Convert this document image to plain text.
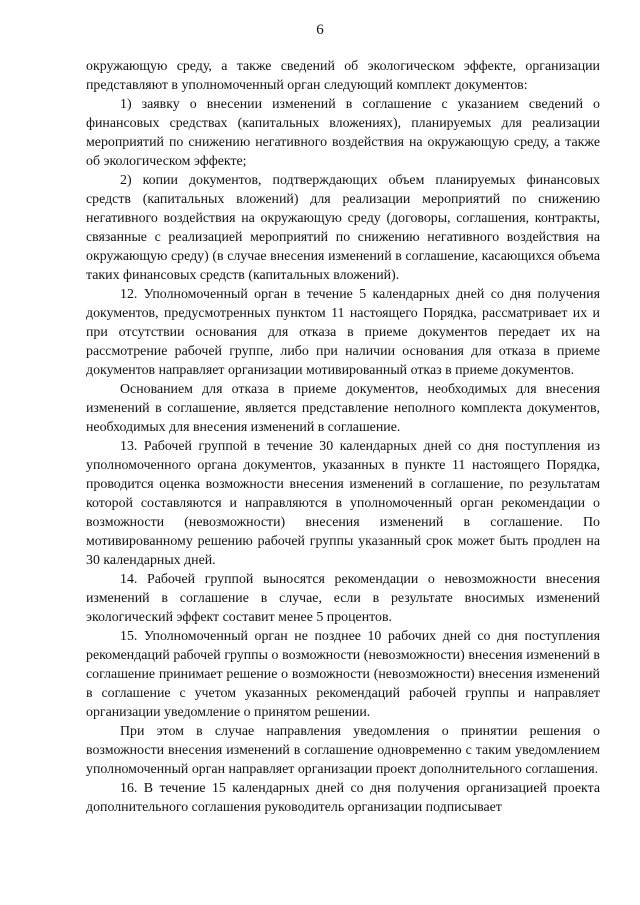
6

окружающую среду, а также сведений об экологическом эффекте, организации представляют в уполномоченный орган следующий комплект документов:

1) заявку о внесении изменений в соглашение с указанием сведений о финансовых средствах (капитальных вложениях), планируемых для реализации мероприятий по снижению негативного воздействия на окружающую среду, а также об экологическом эффекте;

2) копии документов, подтверждающих объем планируемых финансовых средств (капитальных вложений) для реализации мероприятий по снижению негативного воздействия на окружающую среду (договоры, соглашения, контракты, связанные с реализацией мероприятий по снижению негативного воздействия на окружающую среду) (в случае внесения изменений в соглашение, касающихся объема таких финансовых средств (капитальных вложений).

12. Уполномоченный орган в течение 5 календарных дней со дня получения документов, предусмотренных пунктом 11 настоящего Порядка, рассматривает их и при отсутствии основания для отказа в приеме документов передает их на рассмотрение рабочей группе, либо при наличии основания для отказа в приеме документов направляет организации мотивированный отказ в приеме документов.

Основанием для отказа в приеме документов, необходимых для внесения изменений в соглашение, является представление неполного комплекта документов, необходимых для внесения изменений в соглашение.

13. Рабочей группой в течение 30 календарных дней со дня поступления из уполномоченного органа документов, указанных в пункте 11 настоящего Порядка, проводится оценка возможности внесения изменений в соглашение, по результатам которой составляются и направляются в уполномоченный орган рекомендации о возможности (невозможности) внесения изменений в соглашение. По мотивированному решению рабочей группы указанный срок может быть продлен на 30 календарных дней.

14. Рабочей группой выносятся рекомендации о невозможности внесения изменений в соглашение в случае, если в результате вносимых изменений экологический эффект составит менее 5 процентов.

15. Уполномоченный орган не позднее 10 рабочих дней со дня поступления рекомендаций рабочей группы о возможности (невозможности) внесения изменений в соглашение принимает решение о возможности (невозможности) внесения изменений в соглашение с учетом указанных рекомендаций рабочей группы и направляет организации уведомление о принятом решении.

При этом в случае направления уведомления о принятии решения о возможности внесения изменений в соглашение одновременно с таким уведомлением уполномоченный орган направляет организации проект дополнительного соглашения.

16. В течение 15 календарных дней со дня получения организацией проекта дополнительного соглашения руководитель организации подписывает
